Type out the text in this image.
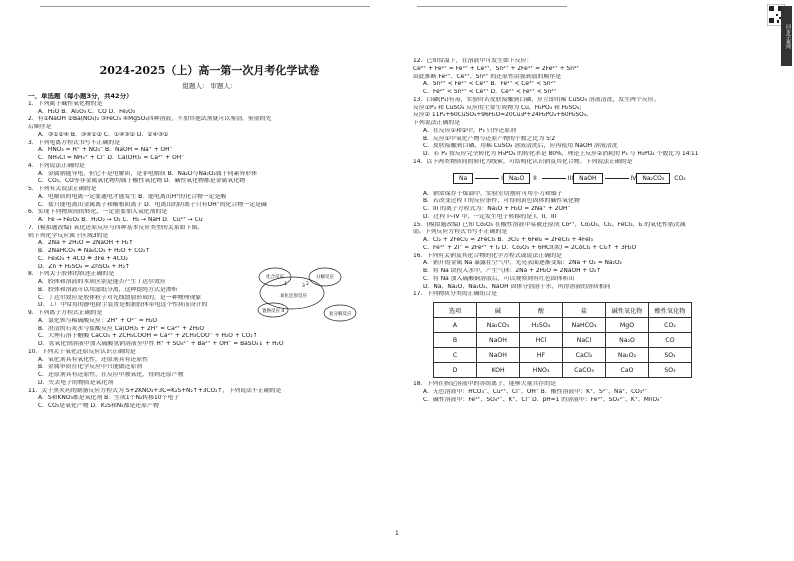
2024-2025（上）高一第一次月考化学试卷
组题人： 审题人：
一、单选题（每小题3分，共42分）
1．下列属于碱性氧化物的是
A．H₂O B．Al₂O₃ C．CO D．Fe₂O₃
2．有①NaOH ②Ba(NO₃)₂ ③FeCl₃ ④MgSO₄四种溶液，不加其他试剂就可以鉴别，鉴别的先
后顺序是
A．③①②④ B．③④①② C．①④③② D．②④③①
3．下列电离方程式书写不正确的是
A．HNO₃ = H⁺ + NO₃⁻ B．NaOH = Na⁺ + OH⁻
C．NH₄Cl = NH₄⁺ + Cl⁻ D．Ca(OH)₂ = Ca²⁺ + OH⁻
4．下列说法正确的是
A．金属钠能导电，但它不是电解质，是非电解质 B．Na₂O与Na₂O₂属于同素异形体
C．CO₂、CO等非金属氧化物均属于酸性氧化物 D．碱性氧化物都是金属氧化物
5．下列有关说法正确的是
A．电解质的电离一定要通电才能发生 B．能电离出H⁺的化合物一定是酸
C．盐只能电离出金属离子和酸根阴离子 D．电离出的阴离子只有OH⁻的化合物一定是碱
6．实现下列物质间的转化，一定需要加入氧化剂的是
A．Fe → Fe₂O₃ B．H₂O₂ → O₂ C．H₂ → NaH D．Cu²⁺ → Cu
7．(模拟题改编) 氧化还原反应与四种基本反应类型的关系如下图。
则下列化学反应属于区域3的是
A．2Na + 2H₂O = 2NaOH + H₂↑
B．2NaHCO₃ ≜ Na₂CO₃ + H₂O + CO₂↑
C．Fe₃O₄ + 4CO ≜ 3Fe + 4CO₂
D．Zn + H₂SO₄ = ZnSO₄ + H₂↑
8．下列关于胶体的叙述正确的是
A．胶体和溶液的本质区别是能否产生丁达尔效应
B．胶体和溶液可以用滤纸分离，这种提纯方式是渗析
C．丁达尔效应是胶体粒子对光线散射形成的，是一种物理现象
D．工厂中常用的静电除尘装置是根据胶体带电这个性质而设计的
9．下列离子方程式正确的是
A．氯化钡与稀硫酸反应：2H⁺ + O²⁻ = H₂O
B．澄清的石灰水与盐酸反应 Ca(OH)₂ + 2H⁺ = Ca²⁺ + 2H₂O
C．大理石溶于醋酸 CaCO₃ + 2CH₃COOH = Ca²⁺ + 2CH₃COO⁻ + H₂O + CO₂↑
D．氢氧化钡溶液中加入硫酸氢钠溶液至中性 H⁺ + SO₄²⁻ + Ba²⁺ + OH⁻ = BaSO₄↓ + H₂O
10．下列关于氧化还原反应认识正确的是
A．氧化剂具有氧化性，还原剂具有还原性
B．金属单质在化学反应中只能做还原剂
C．还原剂具有还原性，在反应中被氧化，得到还原产物
D．失去电子的物质是氧化剂
11．关于黑火药的制备反应方程式为 S+2KNO₃+3C=K₂S+N₂↑+3CO₂↑，下列说法不正确的是
A．S和KNO₃都是氧化剂 B．生成1个N₂转移10个电子
C．CO₂是氧化产物 D．K₂S和N₂都是还原产物
化合反应	分解反应
氧化还原反应
置换反应 4
复分解反应
1	2
3
12．已知常温下，在溶液中可发生如下反应：
Ce⁴⁺ + Fe²⁺ = Fe³⁺ + Ce³⁺，Sn²⁺ + 2Fe³⁺ = 2Fe²⁺ + Sn⁴⁺
由此推断 Fe²⁺、Ce³⁺、Sn²⁺ 的还原性由强到弱的顺序是
A．Sn²⁺ < Fe²⁺ < Ce³⁺ B．Fe²⁺ < Ce³⁺ < Sn²⁺
C．Fe²⁺ < Sn²⁺ < Ce³⁺ D．Ce³⁺ < Fe²⁺ < Sn²⁺
13．白磷(P₄)有毒，实验时若皮肤接触到白磷，应立即用稀 CuSO₄ 溶液清洗，发生两个反应。
反应①P₄ 和 CuSO₄ 反应的主要生成物为 Cu、H₃PO₄ 和 H₂SO₄；
反应② 11P₄+60CuSO₄+96H₂O=20Cu₃P+24H₃PO₄+60H₂SO₄。
下列说法正确的是
A．在反应①和②中，P₄ 只作还原剂
B．反应①中氧化产物与还原产物的个数之比为 5∶2
C．皮肤接触到白磷，用稀 CuSO₄ 溶液清洗后，应再使用 NaOH 溶液清洗
D．若 P₄ 按反应完全转化为 H₃PO₄ 的转化率是 80%，理论上反应②消耗的 P₄ 与 H₃PO₄ 个数比为 14∶11
14．以下两类物质间的转化为线索，可结构化认识钠及其化合物。下列说法正确的是
Na	I	Na₂O	II	III	NaOH	IV	Na₂CO₃	CO₂
A．钠常保存于煤油中，实验室切割时可用小刀和镊子
B．若改变过程 I 的反应条件，可得到黄色固体的碱性氧化物
C．III 的离子方程式为：Na₂O + H₂O = 2Na⁺ + 2OH⁻
D．过程 I~IV 中，一定发生电子转移的是 I、II、III
15．(模拟题改编) 已知 Co₂O₃ 在酸性溶液中易被还原成 Co²⁺，Co₂O₃、Cl₂、FeCl₃、I₂ 的氧化性依次减
弱。下列反应方程式书写不正确的是
A．Cl₂ + 2FeCl₂ = 2FeCl₃ B．3Cl₂ + 6FeI₂ = 2FeCl₃ + 4FeI₃
C．Fe³⁺ + 2I⁻ = 2Fe²⁺ + I₂ D．Co₂O₃ + 6HCl(浓) = 2CoCl₂ + Cl₂↑ + 3H₂O
16．下列有关钠及其化合物的化学方程式或说法正确的是
A．钠开的金属 Na 暴露在空气中，光亮表面逐渐变暗：2Na + O₂ = Na₂O₂
B．将 Na 块投入水中，产生气体：2Na + 2H₂O = 2NaOH + O₂↑
C．将 Na 加入硫酸铜溶液后，可以观察到有红色固体析出
D．Na、Na₂O、Na₂O₂、NaOH 固体分别溶于水，所得溶液的溶质相同
17．下列物质分类的正确组合是
选项	碱	酸	盐	碱性氧化物	酸性氧化物
A	Na₂CO₃	H₂SO₄	NaHCO₃	MgO	CO₂
B	NaOH	HCl	NaCl	Na₂O	CO
C	NaOH	HF	CaCl₂	Na₂O₂	SO₂
D	KOH	HNO₃	CaCO₃	CaO	SO₃
18．下列在指定溶液中的各组离子，能够大量共存的是
A．无色溶液中：HCO₃⁻、Cu²⁺、Cl⁻、OH⁻ B．酸性溶液中：K⁺、S²⁻、Na⁺、CO₃²⁻
C．碱性溶液中：Fe³⁺、SO₄²⁻、K⁺、Cl⁻ D．pH=1 的溶液中：Fe³⁺、SO₄²⁻、K⁺、MnO₄⁻
同步学案网
1
